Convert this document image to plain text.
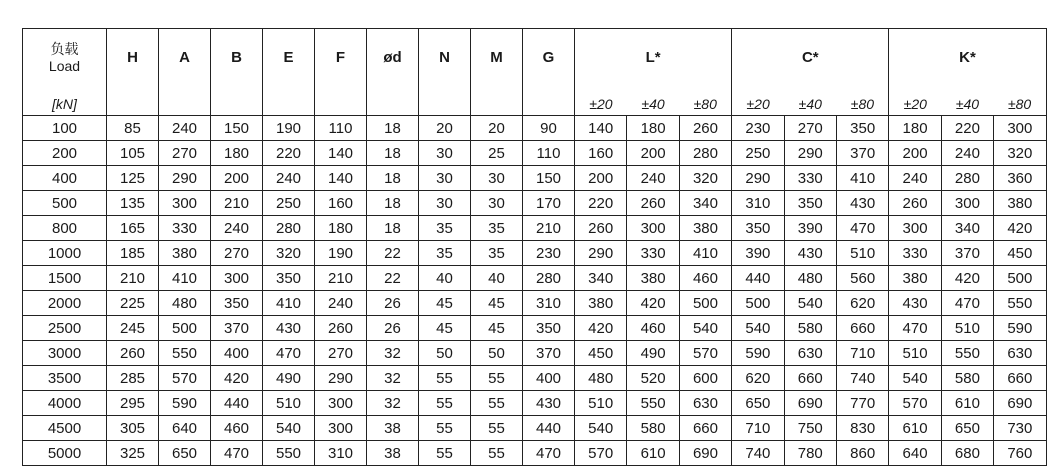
负载
Load	H	A	B	E	F	ød	N	M	G	L*			C*			K*		
[kN]										±20	±40	±80	±20	±40	±80	±20	±40	±80
100	85	240	150	190	110	18	20	20	90	140	180	260	230	270	350	180	220	300
200	105	270	180	220	140	18	30	25	110	160	200	280	250	290	370	200	240	320
400	125	290	200	240	140	18	30	30	150	200	240	320	290	330	410	240	280	360
500	135	300	210	250	160	18	30	30	170	220	260	340	310	350	430	260	300	380
800	165	330	240	280	180	18	35	35	210	260	300	380	350	390	470	300	340	420
1000	185	380	270	320	190	22	35	35	230	290	330	410	390	430	510	330	370	450
1500	210	410	300	350	210	22	40	40	280	340	380	460	440	480	560	380	420	500
2000	225	480	350	410	240	26	45	45	310	380	420	500	500	540	620	430	470	550
2500	245	500	370	430	260	26	45	45	350	420	460	540	540	580	660	470	510	590
3000	260	550	400	470	270	32	50	50	370	450	490	570	590	630	710	510	550	630
3500	285	570	420	490	290	32	55	55	400	480	520	600	620	660	740	540	580	660
4000	295	590	440	510	300	32	55	55	430	510	550	630	650	690	770	570	610	690
4500	305	640	460	540	300	38	55	55	440	540	580	660	710	750	830	610	650	730
5000	325	650	470	550	310	38	55	55	470	570	610	690	740	780	860	640	680	760
